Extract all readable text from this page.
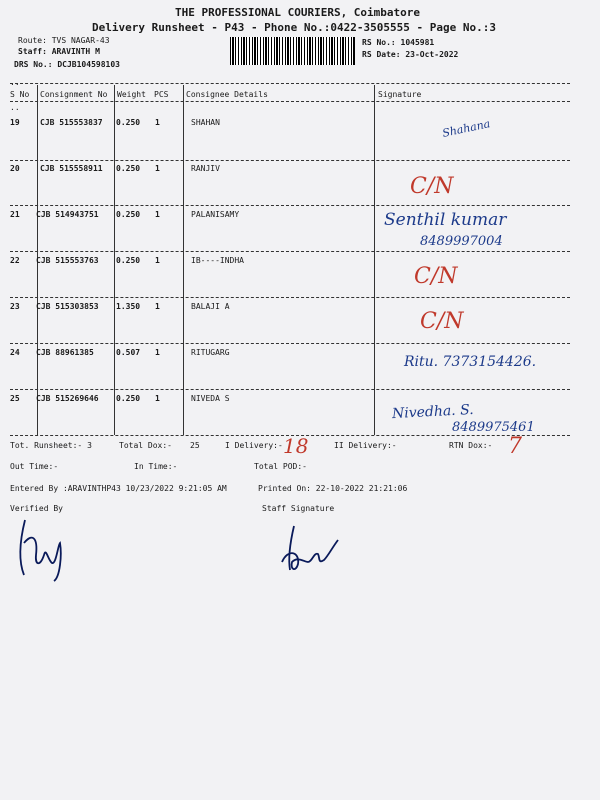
THE PROFESSIONAL COURIERS, Coimbatore
Delivery Runsheet - P43 - Phone No.:0422-3505555 - Page No.:3
Route: TVS NAGAR-43
Staff: ARAVINTH M
DRS No.: DCJB104598103
RS No.: 1045981
RS Date: 23-Oct-2022
..
S No Consignment No Weight PCS Consignee Details	Signature
..
19	CJB 515553837 0.250 1	SHAHAN	Shahana
20	CJB 515558911 0.250 1	RANJIV
C/N
21 CJB 514943751 0.250 1	PALANISAMY	Senthil kumar
8489997004
22 CJB 515553763 0.250 1	IB----INDHA
C/N
23 CJB 515303853 1.350 1	BALAJI A
C/N
24 CJB 88961385	0.507 1	RITUGARG
Ritu. 7373154426.
25 CJB 515269646 0.250 1	NIVEDA S
Nivedha. S.
8489975461
Tot. Runsheet:- 3	Total Dox:- 25	I Delivery:- 18	II Delivery:-	RTN Dox:- 7
Out Time:-	In Time:-	Total POD:-
Entered By :ARAVINTHP43 10/23/2022 9:21:05 AM	Printed On: 22-10-2022 21:21:06
Verified By	Staff Signature
